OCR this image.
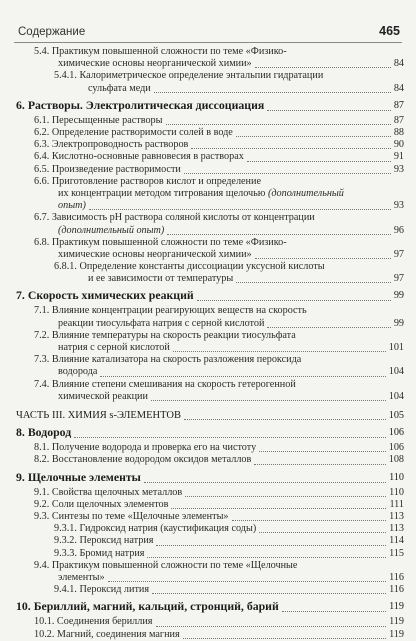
Содержание	465
5.4. Практикум повышенной сложности по теме «Физико-
химические основы неорганической химии»	84
5.4.1. Калориметрическое определение энтальпии гидратации
сульфата меди	84
6. Растворы. Электролитическая диссоциация	87
6.1. Пересыщенные растворы	87
6.2. Определение растворимости солей в воде	88
6.3. Электропроводность растворов	90
6.4. Кислотно-основные равновесия в растворах	91
6.5. Произведение растворимости	93
6.6. Приготовление растворов кислот и определение
их концентрации методом титрования щелочью (дополнительный
опыт)	93
6.7. Зависимость pH раствора соляной кислоты от концентрации
(дополнительный опыт)	96
6.8. Практикум повышенной сложности по теме «Физико-
химические основы неорганической химии»	97
6.8.1. Определение константы диссоциации уксусной кислоты
и ее зависимости от температуры	97
7. Скорость химических реакций	99
7.1. Влияние концентрации реагирующих веществ на скорость
реакции тиосульфата натрия с серной кислотой	99
7.2. Влияние температуры на скорость реакции тиосульфата
натрия с серной кислотой	101
7.3. Влияние катализатора на скорость разложения пероксида
водорода	104
7.4. Влияние степени смешивания на скорость гетерогенной
химической реакции	104
ЧАСТЬ III. ХИМИЯ s-ЭЛЕМЕНТОВ	105
8. Водород	106
8.1. Получение водорода и проверка его на чистоту	106
8.2. Восстановление водородом оксидов металлов	108
9. Щелочные элементы	110
9.1. Свойства щелочных металлов	110
9.2. Соли щелочных элементов	111
9.3. Синтезы по теме «Щелочные элементы»	113
9.3.1. Гидроксид натрия (каустификация соды)	113
9.3.2. Пероксид натрия	114
9.3.3. Бромид натрия	115
9.4. Практикум повышенной сложности по теме «Щелочные
элементы»	116
9.4.1. Пероксид лития	116
10. Бериллий, магний, кальций, стронций, барий	119
10.1. Соединения бериллия	119
10.2. Магний, соединения магния	119
